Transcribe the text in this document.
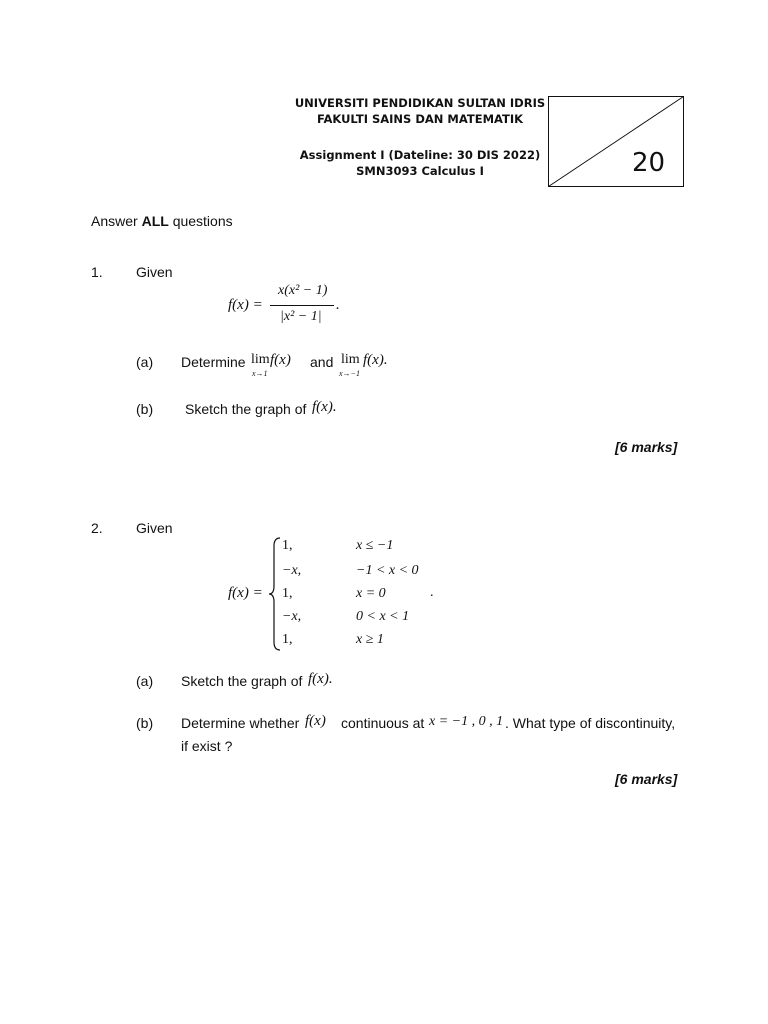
UNIVERSITI PENDIDIKAN SULTAN IDRIS
FAKULTI SAINS DAN MATEMATIK
Assignment I (Dateline: 30 DIS 2022)
SMN3093 Calculus I	20
Answer ALL questions
1. Given
f(x) =
x(x² − 1)
|x² − 1|
.
(a) Determine lim
x→1
f(x) and lim
x→−1
f(x).
(b) Sketch the graph of f(x).
[6 marks]
2. Given
f(x) =
1,	x ≤ −1
−x,	−1 < x < 0
1,	x = 0
−x,	0 < x < 1
1,	x ≥ 1
.
(a) Sketch the graph of f(x).
(b) Determine whether f(x) continuous at x = −1 , 0 , 1 . What type of discontinuity,
if exist ?
[6 marks]
